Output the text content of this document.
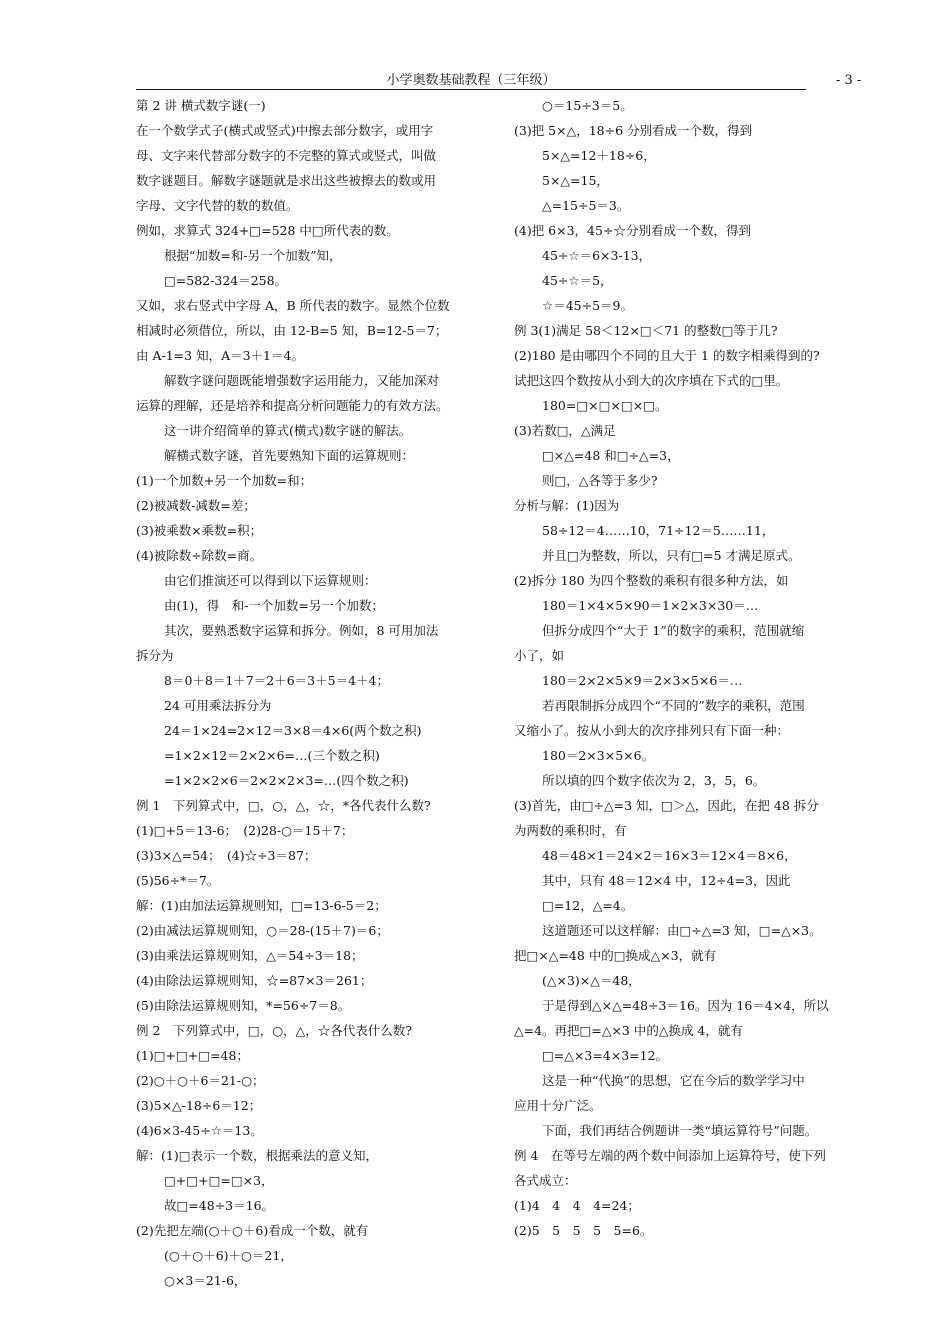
小学奥数基础教程（三年级）	- 3 -
第 2 讲 横式数字谜(一)
在一个数学式子(横式或竖式)中擦去部分数字，或用字
母、文字来代替部分数字的不完整的算式或竖式，叫做
数字谜题目。解数字谜题就是求出这些被擦去的数或用
字母、文字代替的数的数值。
例如，求算式 324+□=528 中□所代表的数。
根据“加数=和-另一个加数”知，
□=582-324＝258。
又如，求右竖式中字母 A，B 所代表的数字。显然个位数
相减时必须借位，所以，由 12-B=5 知，B=12-5＝7；
由 A-1=3 知，A＝3＋1＝4。
解数字谜问题既能增强数字运用能力，又能加深对
运算的理解，还是培养和提高分析问题能力的有效方法。
这一讲介绍简单的算式(横式)数字谜的解法。
解横式数字谜，首先要熟知下面的运算规则：
(1)一个加数+另一个加数=和；
(2)被减数-减数=差；
(3)被乘数×乘数=积；
(4)被除数÷除数=商。
由它们推演还可以得到以下运算规则：
由(1)，得　和-一个加数=另一个加数；
其次，要熟悉数字运算和拆分。例如，8 可用加法
拆分为
8＝0＋8＝1＋7＝2＋6＝3＋5＝4＋4；
24 可用乘法拆分为
24＝1×24=2×12＝3×8＝4×6(两个数之积)
=1×2×12＝2×2×6=…(三个数之积)
=1×2×2×6＝2×2×2×3=…(四个数之积)
例 1　下列算式中，□，○，△，☆，*各代表什么数?
(1)□+5＝13-6；　(2)28-○＝15＋7；
(3)3×△=54；　(4)☆÷3＝87；
(5)56÷*＝7。
解：(1)由加法运算规则知，□=13-6-5＝2；
(2)由减法运算规则知，○＝28-(15＋7)＝6；
(3)由乘法运算规则知，△＝54÷3＝18；
(4)由除法运算规则知，☆=87×3＝261；
(5)由除法运算规则知，*=56÷7＝8。
例 2　下列算式中，□，○，△，☆各代表什么数?
(1)□+□+□=48；
(2)○＋○＋6＝21-○；
(3)5×△-18÷6＝12；
(4)6×3-45÷☆＝13。
解：(1)□表示一个数，根据乘法的意义知，
□+□+□=□×3，
故□=48÷3＝16。
(2)先把左端(○＋○＋6)看成一个数，就有
(○＋○＋6)＋○＝21，
○×3＝21-6，
○＝15÷3＝5。
(3)把 5×△，18÷6 分别看成一个数，得到
5×△=12＋18÷6，
5×△=15，
△=15÷5＝3。
(4)把 6×3，45÷☆分别看成一个数，得到
45÷☆＝6×3-13，
45÷☆＝5，
☆＝45÷5＝9。
例 3(1)满足 58＜12×□＜71 的整数□等于几?
(2)180 是由哪四个不同的且大于 1 的数字相乘得到的?
试把这四个数按从小到大的次序填在下式的□里。
180=□×□×□×□。
(3)若数□，△满足
□×△=48 和□÷△=3，
则□，△各等于多少?
分析与解：(1)因为
58÷12＝4……10，71÷12＝5……11，
并且□为整数，所以，只有□=5 才满足原式。
(2)拆分 180 为四个整数的乘积有很多种方法，如
180＝1×4×5×90＝1×2×3×30＝…
但拆分成四个“大于 1”的数字的乘积，范围就缩
小了，如
180＝2×2×5×9＝2×3×5×6＝…
若再限制拆分成四个“不同的”数字的乘积，范围
又缩小了。按从小到大的次序排列只有下面一种：
180＝2×3×5×6。
所以填的四个数字依次为 2，3，5，6。
(3)首先，由□÷△=3 知，□＞△，因此，在把 48 拆分
为两数的乘积时，有
48＝48×1＝24×2＝16×3＝12×4＝8×6，
其中，只有 48＝12×4 中，12÷4=3，因此
□=12，△=4。
这道题还可以这样解：由□÷△=3 知，□=△×3。
把□×△=48 中的□换成△×3，就有
(△×3)×△＝48，
于是得到△×△=48÷3＝16。因为 16＝4×4，所以
△=4。再把□=△×3 中的△换成 4，就有
□=△×3=4×3=12。
这是一种“代换”的思想，它在今后的数学学习中
应用十分广泛。
下面，我们再结合例题讲一类“填运算符号”问题。
例 4　在等号左端的两个数中间添加上运算符号，使下列
各式成立：
(1)4　4　4　4=24；
(2)5　5　5　5　5=6。
